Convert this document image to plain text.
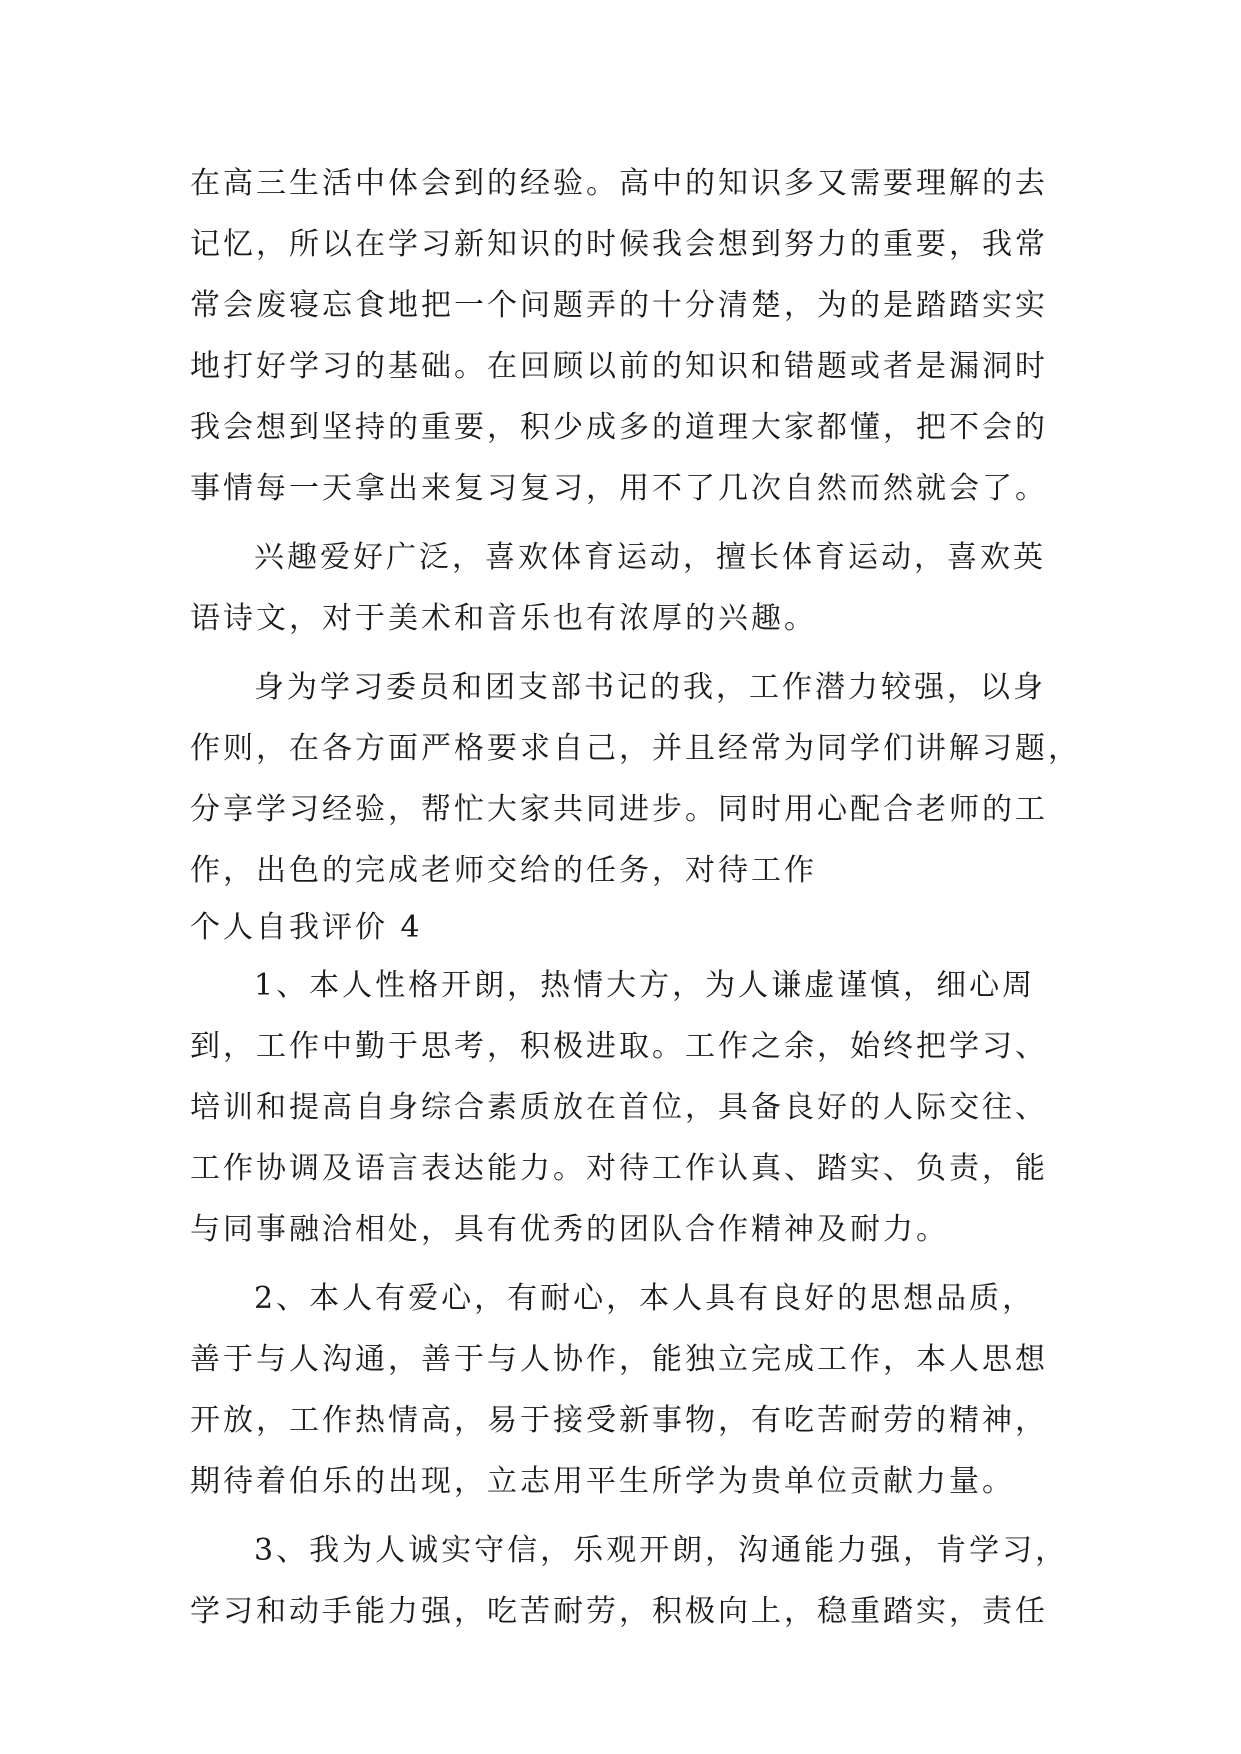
在高三生活中体会到的经验。高中的知识多又需要理解的去
记忆，所以在学习新知识的时候我会想到努力的重要，我常
常会废寝忘食地把一个问题弄的十分清楚，为的是踏踏实实
地打好学习的基础。在回顾以前的知识和错题或者是漏洞时
我会想到坚持的重要，积少成多的道理大家都懂，把不会的
事情每一天拿出来复习复习，用不了几次自然而然就会了。
兴趣爱好广泛，喜欢体育运动，擅长体育运动，喜欢英
语诗文，对于美术和音乐也有浓厚的兴趣。
身为学习委员和团支部书记的我，工作潜力较强，以身
作则，在各方面严格要求自己，并且经常为同学们讲解习题，
分享学习经验，帮忙大家共同进步。同时用心配合老师的工
作，出色的完成老师交给的任务，对待工作
个人自我评价 4
1、本人性格开朗，热情大方，为人谦虚谨慎，细心周
到，工作中勤于思考，积极进取。工作之余，始终把学习、
培训和提高自身综合素质放在首位，具备良好的人际交往、
工作协调及语言表达能力。对待工作认真、踏实、负责，能
与同事融洽相处，具有优秀的团队合作精神及耐力。
2、本人有爱心，有耐心，本人具有良好的思想品质，
善于与人沟通，善于与人协作，能独立完成工作，本人思想
开放，工作热情高，易于接受新事物，有吃苦耐劳的精神，
期待着伯乐的出现，立志用平生所学为贵单位贡献力量。
3、我为人诚实守信，乐观开朗，沟通能力强，肯学习，
学习和动手能力强，吃苦耐劳，积极向上，稳重踏实，责任
